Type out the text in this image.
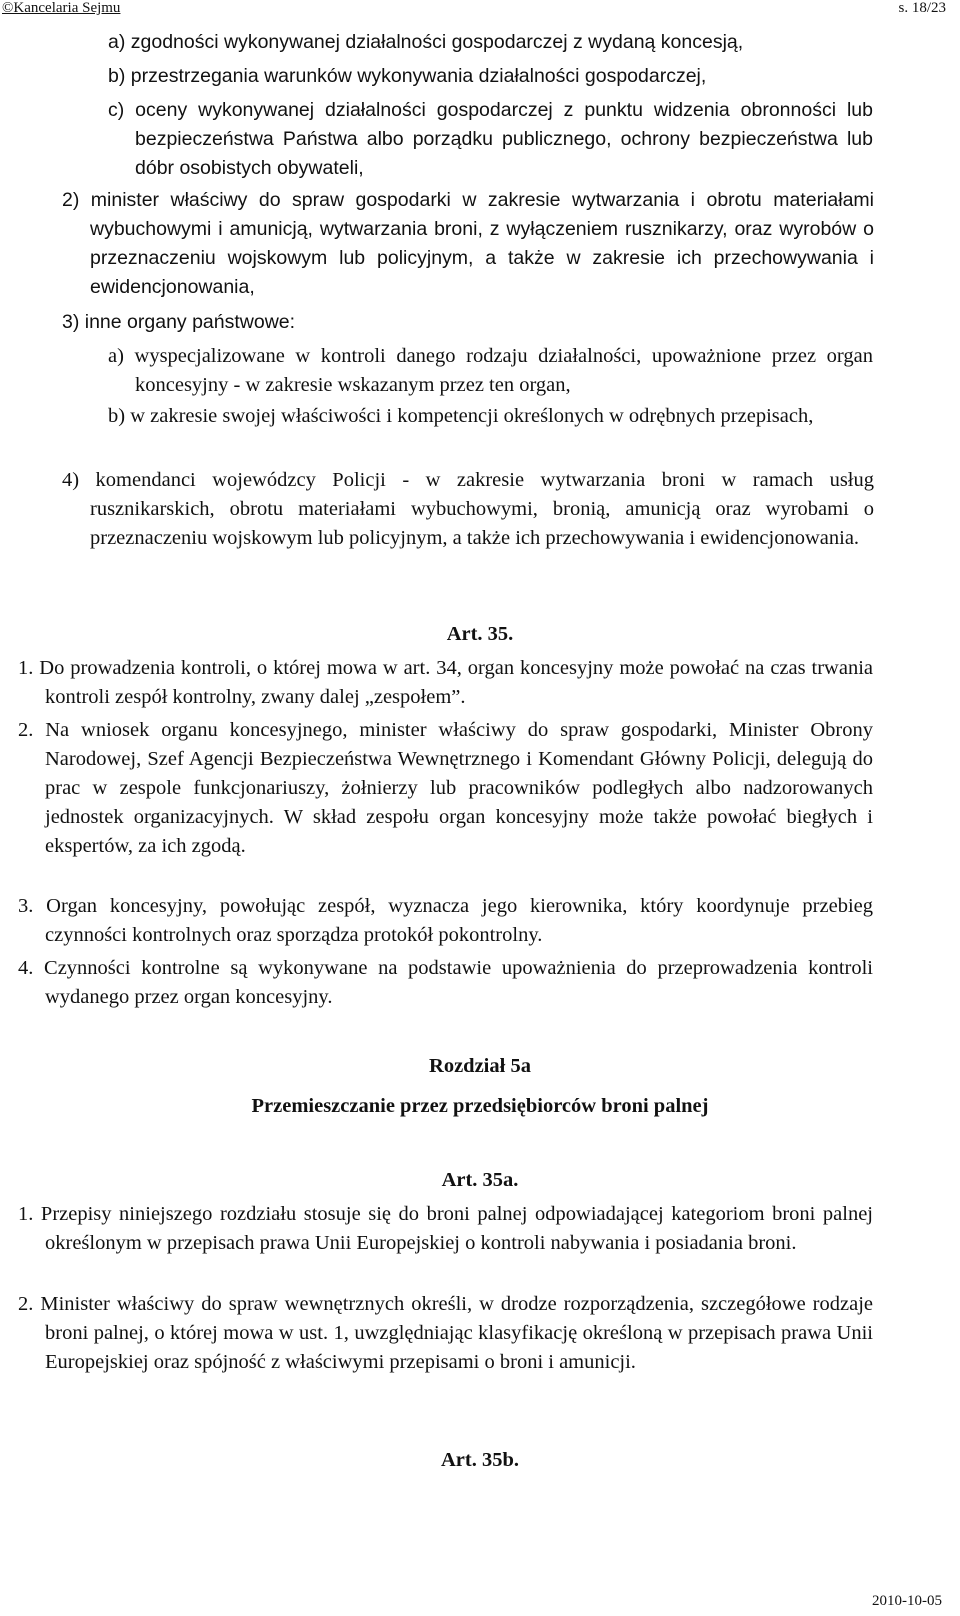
©Kancelaria Sejmu	s. 18/23
a) zgodności wykonywanej działalności gospodarczej z wydaną koncesją,
b) przestrzegania warunków wykonywania działalności gospodarczej,
c) oceny wykonywanej działalności gospodarczej z punktu widzenia obronności lub bezpieczeństwa Państwa albo porządku publicznego, ochrony bezpieczeństwa lub dóbr osobistych obywateli,
2) minister właściwy do spraw gospodarki w zakresie wytwarzania i obrotu materiałami wybuchowymi i amunicją, wytwarzania broni, z wyłączeniem rusznikarzy, oraz wyrobów o przeznaczeniu wojskowym lub policyjnym, a także w zakresie ich przechowywania i ewidencjonowania,
3) inne organy państwowe:
a) wyspecjalizowane w kontroli danego rodzaju działalności, upoważnione przez organ koncesyjny - w zakresie wskazanym przez ten organ,
b) w zakresie swojej właściwości i kompetencji określonych w odrębnych przepisach,
4) komendanci wojewódzcy Policji - w zakresie wytwarzania broni w ramach usług rusznikarskich, obrotu materiałami wybuchowymi, bronią, amunicją oraz wyrobami o przeznaczeniu wojskowym lub policyjnym, a także ich przechowywania i ewidencjonowania.
Art. 35.
1. Do prowadzenia kontroli, o której mowa w art. 34, organ koncesyjny może powołać na czas trwania kontroli zespół kontrolny, zwany dalej „zespołem”.
2. Na wniosek organu koncesyjnego, minister właściwy do spraw gospodarki, Minister Obrony Narodowej, Szef Agencji Bezpieczeństwa Wewnętrznego i Komendant Główny Policji, delegują do prac w zespole funkcjonariuszy, żołnierzy lub pracowników podległych albo nadzorowanych jednostek organizacyjnych. W skład zespołu organ koncesyjny może także powołać biegłych i ekspertów, za ich zgodą.
3. Organ koncesyjny, powołując zespół, wyznacza jego kierownika, który koordynuje przebieg czynności kontrolnych oraz sporządza protokół pokontrolny.
4. Czynności kontrolne są wykonywane na podstawie upoważnienia do przeprowadzenia kontroli wydanego przez organ koncesyjny.
Rozdział 5a
Przemieszczanie przez przedsiębiorców broni palnej
Art. 35a.
1. Przepisy niniejszego rozdziału stosuje się do broni palnej odpowiadającej kategoriom broni palnej określonym w przepisach prawa Unii Europejskiej o kontroli nabywania i posiadania broni.
2. Minister właściwy do spraw wewnętrznych określi, w drodze rozporządzenia, szczegółowe rodzaje broni palnej, o której mowa w ust. 1, uwzględniając klasyfikację określoną w przepisach prawa Unii Europejskiej oraz spójność z właściwymi przepisami o broni i amunicji.
Art. 35b.
2010-10-05
